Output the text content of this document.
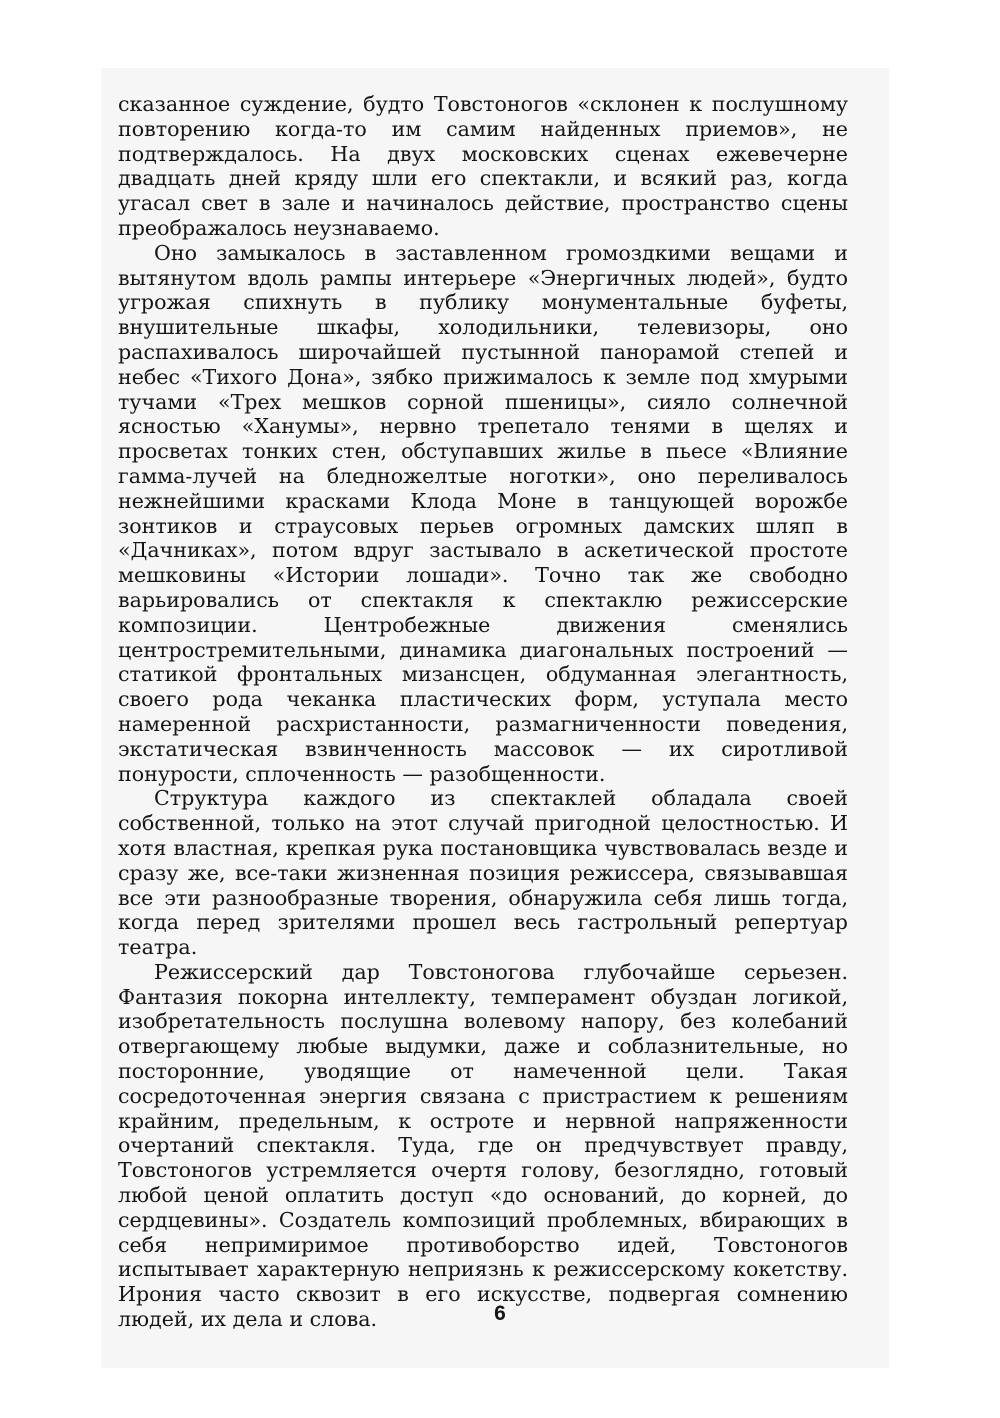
сказанное суждение, будто Товстоногов «склонен к послушному повторению когда-то им самим найденных приемов», не подтверждалось. На двух московских сценах ежевечерне двадцать дней кряду шли его спектакли, и всякий раз, когда угасал свет в зале и начиналось действие, пространство сцены преображалось неузнаваемо.

Оно замыкалось в заставленном громоздкими вещами и вытянутом вдоль рампы интерьере «Энергичных людей», будто угрожая спихнуть в публику монументальные буфеты, внушительные шкафы, холодильники, телевизоры, оно распахивалось широчайшей пустынной панорамой степей и небес «Тихого Дона», зябко прижималось к земле под хмурыми тучами «Трех мешков сорной пшеницы», сияло солнечной ясностью «Ханумы», нервно трепетало тенями в щелях и просветах тонких стен, обступавших жилье в пьесе «Влияние гамма-лучей на бледножелтые ноготки», оно переливалось нежнейшими красками Клода Моне в танцующей ворожбе зонтиков и страусовых перьев огромных дамских шляп в «Дачниках», потом вдруг застывало в аскетической простоте мешковины «Истории лошади». Точно так же свободно варьировались от спектакля к спектаклю режиссерские композиции. Центробежные движения сменялись центростремительными, динамика диагональных построений — статикой фронтальных мизансцен, обдуманная элегантность, своего рода чеканка пластических форм, уступала место намеренной расхристанности, размагниченности поведения, экстатическая взвинченность массовок — их сиротливой понурости, сплоченность — разобщенности.

Структура каждого из спектаклей обладала своей собственной, только на этот случай пригодной целостностью. И хотя властная, крепкая рука постановщика чувствовалась везде и сразу же, все-таки жизненная позиция режиссера, связывавшая все эти разнообразные творения, обнаружила себя лишь тогда, когда перед зрителями прошел весь гастрольный репертуар театра.

Режиссерский дар Товстоногова глубочайше серьезен. Фантазия покорна интеллекту, темперамент обуздан логикой, изобретательность послушна волевому напору, без колебаний отвергающему любые выдумки, даже и соблазнительные, но посторонние, уводящие от намеченной цели. Такая сосредоточенная энергия связана с пристрастием к решениям крайним, предельным, к остроте и нервной напряженности очертаний спектакля. Туда, где он предчувствует правду, Товстоногов устремляется очертя голову, безоглядно, готовый любой ценой оплатить доступ «до оснований, до корней, до сердцевины». Создатель композиций проблемных, вбирающих в себя непримиримое противоборство идей, Товстоногов испытывает характерную неприязнь к режиссерскому кокетству. Ирония часто сквозит в его искусстве, подвергая сомнению людей, их дела и слова.	6
